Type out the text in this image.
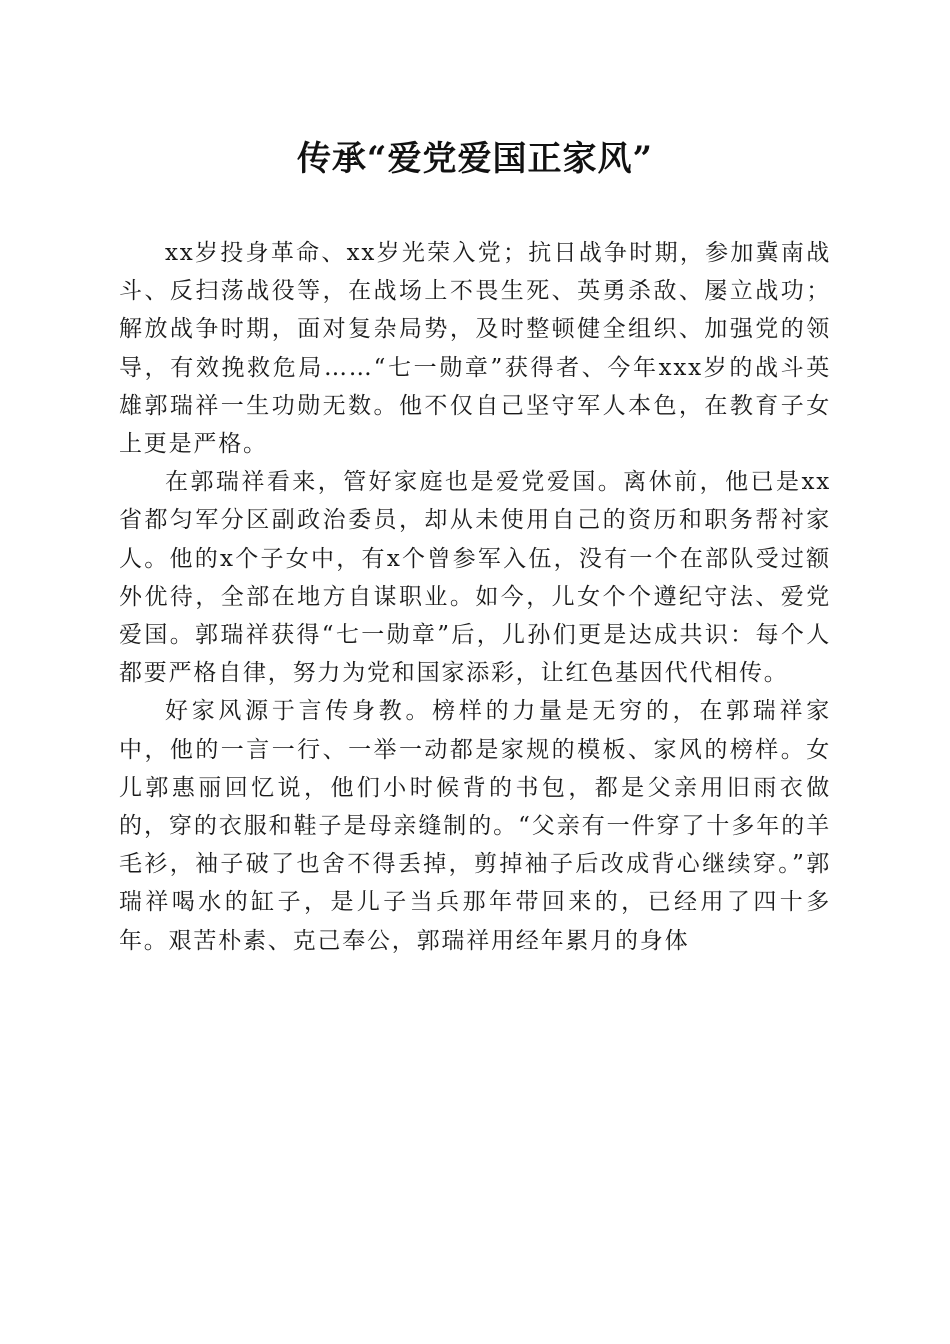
传承“爱党爱国正家风”

xx岁投身革命、xx岁光荣入党；抗日战争时期，参加冀南战斗、反扫荡战役等，在战场上不畏生死、英勇杀敌、屡立战功；解放战争时期，面对复杂局势，及时整顿健全组织、加强党的领导，有效挽救危局……“七一勋章”获得者、今年xxx岁的战斗英雄郭瑞祥一生功勋无数。他不仅自己坚守军人本色，在教育子女上更是严格。

在郭瑞祥看来，管好家庭也是爱党爱国。离休前，他已是xx省都匀军分区副政治委员，却从未使用自己的资历和职务帮衬家人。他的x个子女中，有x个曾参军入伍，没有一个在部队受过额外优待，全部在地方自谋职业。如今，儿女个个遵纪守法、爱党爱国。郭瑞祥获得“七一勋章”后，儿孙们更是达成共识：每个人都要严格自律，努力为党和国家添彩，让红色基因代代相传。

好家风源于言传身教。榜样的力量是无穷的，在郭瑞祥家中，他的一言一行、一举一动都是家规的模板、家风的榜样。女儿郭惠丽回忆说，他们小时候背的书包，都是父亲用旧雨衣做的，穿的衣服和鞋子是母亲缝制的。“父亲有一件穿了十多年的羊毛衫，袖子破了也舍不得丢掉，剪掉袖子后改成背心继续穿。”郭瑞祥喝水的缸子，是儿子当兵那年带回来的，已经用了四十多年。艰苦朴素、克己奉公，郭瑞祥用经年累月的身体
